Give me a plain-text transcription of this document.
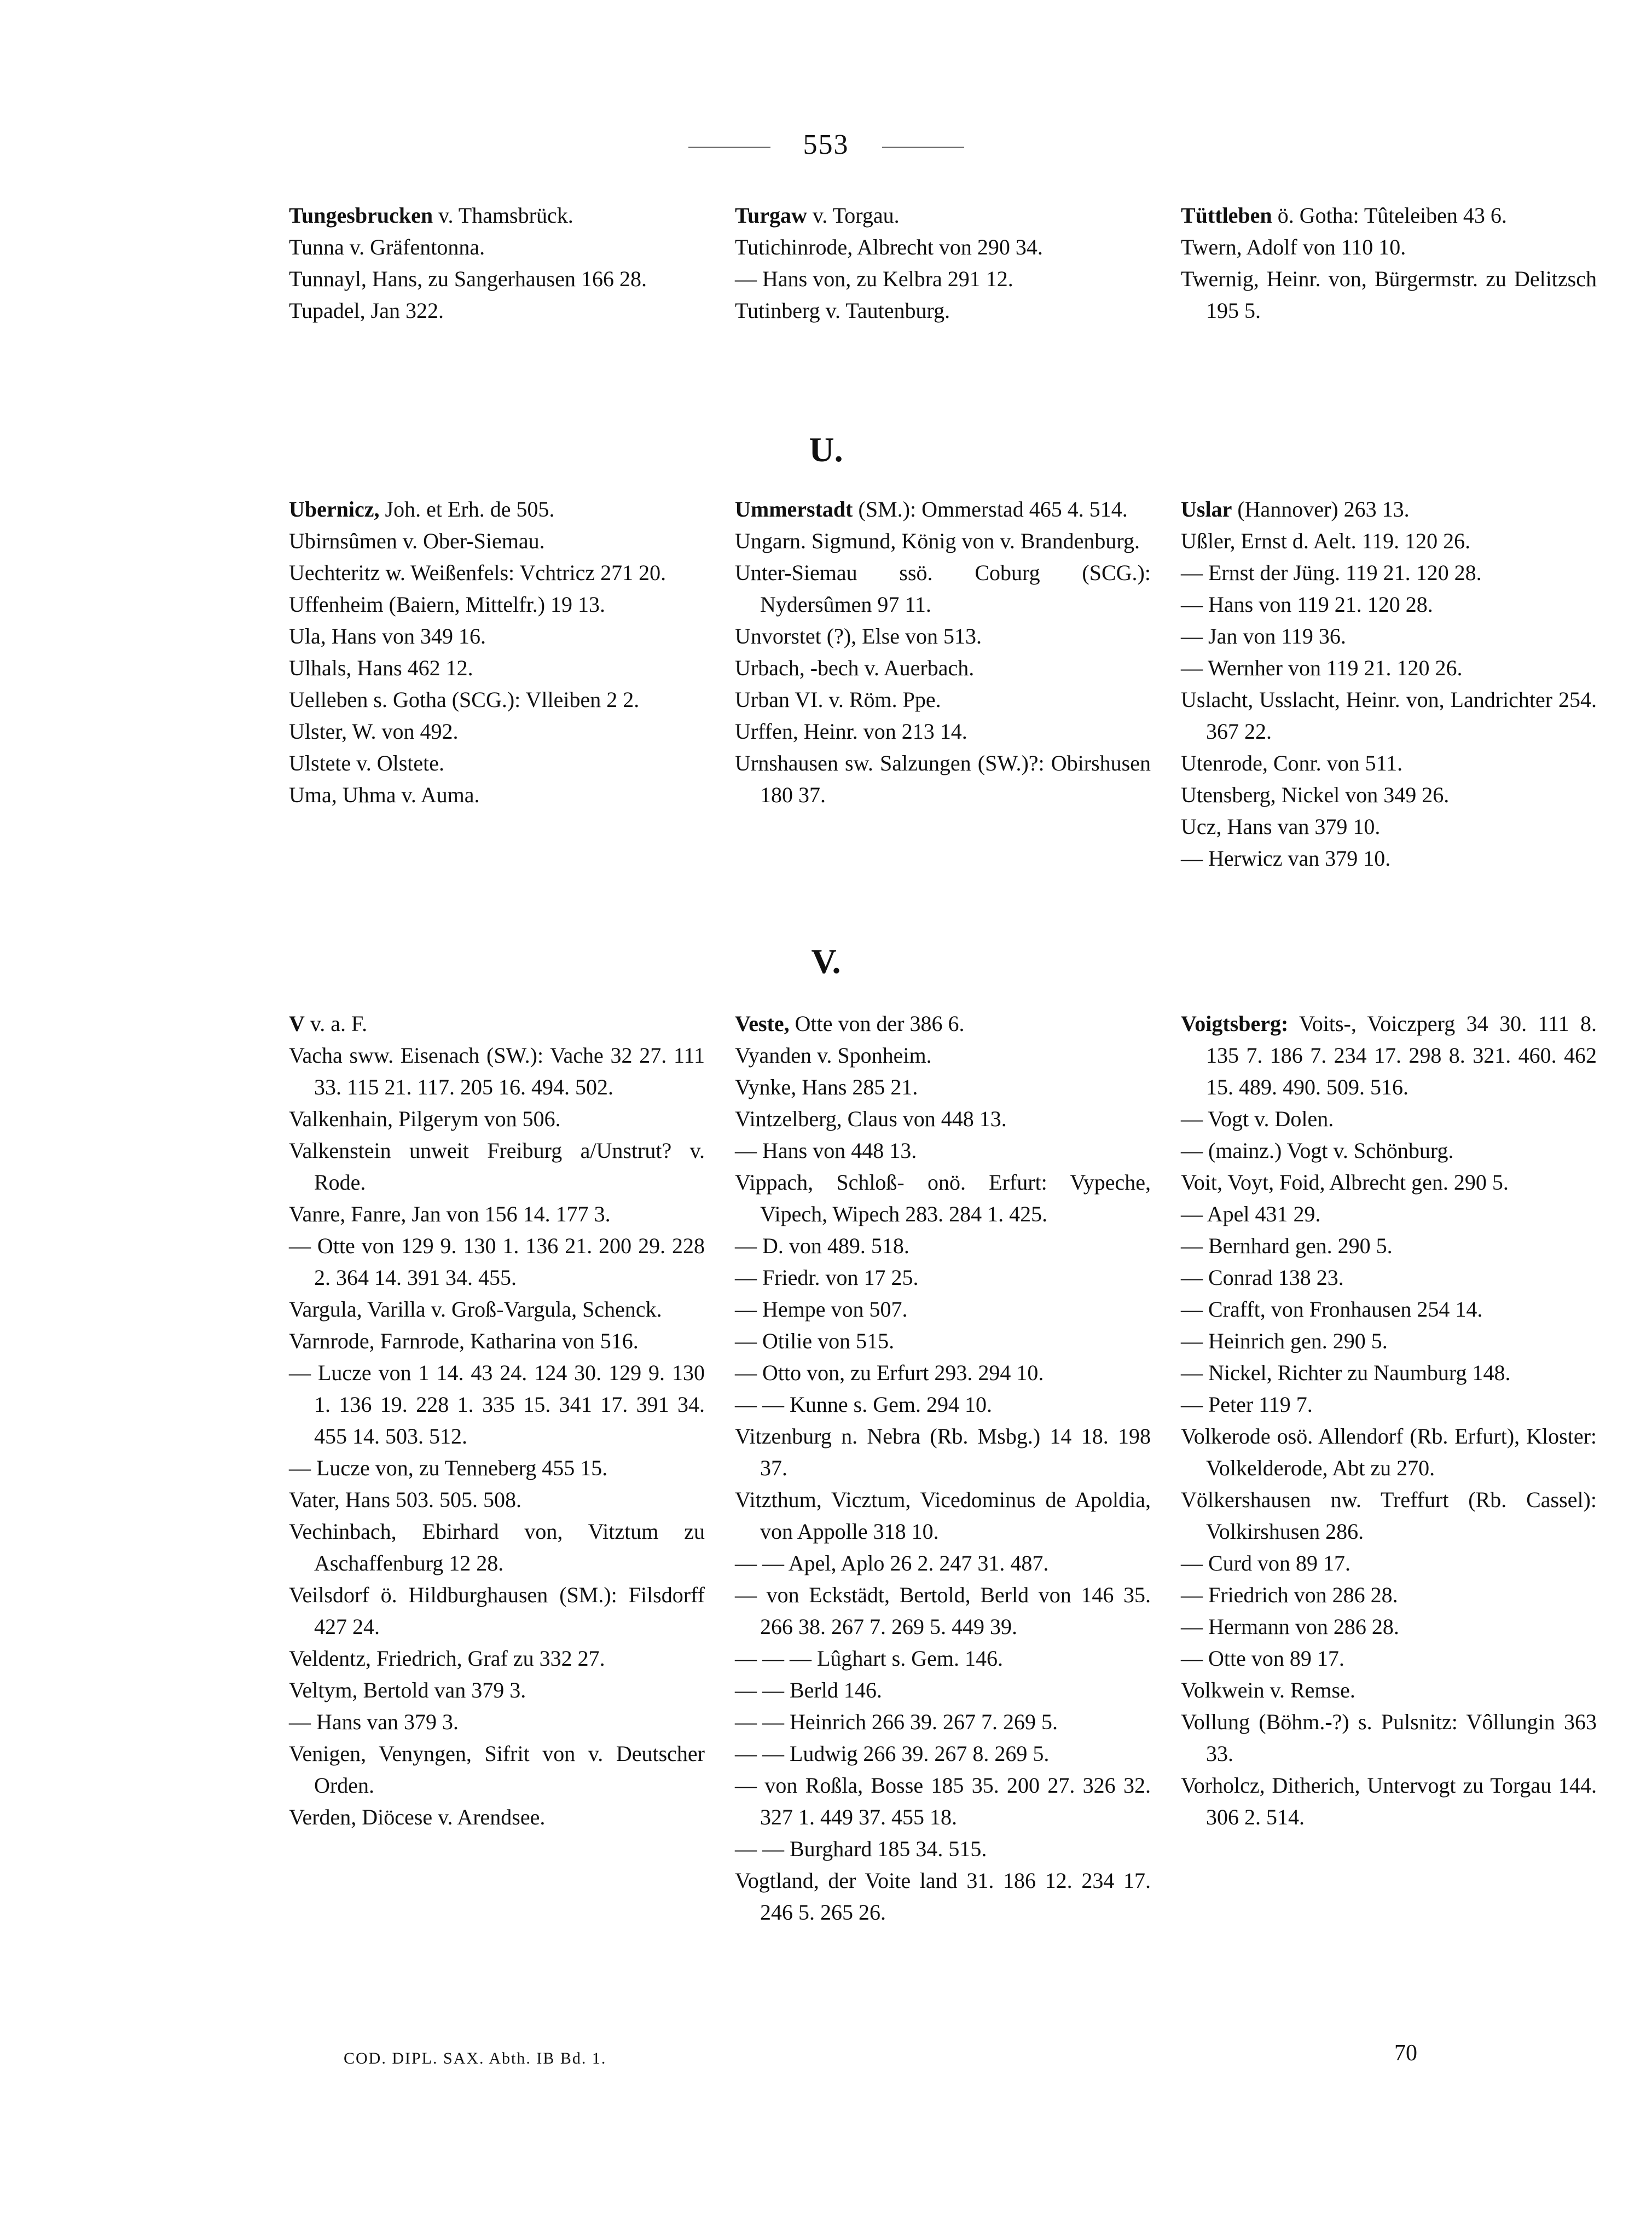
553

Tungesbrucken v. Thamsbrück.

Tunna v. Gräfentonna.

Tunnayl, Hans, zu Sangerhausen 166 28.

Tupadel, Jan 322.

Turgaw v. Torgau.

Tutichinrode, Albrecht von 290 34.

— Hans von, zu Kelbra 291 12.

Tutinberg v. Tautenburg.

Tüttleben ö. Gotha: Tûteleiben 43 6.

Twern, Adolf von 110 10.

Twernig, Heinr. von, Bürgermstr. zu Delitzsch 195 5.

U.

Ubernicz, Joh. et Erh. de 505.

Ubirnsûmen v. Ober-Siemau.

Uechteritz w. Weißenfels: Vchtricz 271 20.

Uffenheim (Baiern, Mittelfr.) 19 13.

Ula, Hans von 349 16.

Ulhals, Hans 462 12.

Uelleben s. Gotha (SCG.): Vlleiben 2 2.

Ulster, W. von 492.

Ulstete v. Olstete.

Uma, Uhma v. Auma.

Ummerstadt (SM.): Ommerstad 465 4. 514.

Ungarn. Sigmund, König von v. Brandenburg.

Unter-Siemau ssö. Coburg (SCG.): Nydersûmen 97 11.

Unvorstet (?), Else von 513.

Urbach, -bech v. Auerbach.

Urban VI. v. Röm. Ppe.

Urffen, Heinr. von 213 14.

Urnshausen sw. Salzungen (SW.)?: Obirshusen 180 37.

Uslar (Hannover) 263 13.

Ußler, Ernst d. Aelt. 119. 120 26.

— Ernst der Jüng. 119 21. 120 28.

— Hans von 119 21. 120 28.

— Jan von 119 36.

— Wernher von 119 21. 120 26.

Uslacht, Usslacht, Heinr. von, Landrichter 254. 367 22.

Utenrode, Conr. von 511.

Utensberg, Nickel von 349 26.

Ucz, Hans van 379 10.

— Herwicz van 379 10.

V.

V v. a. F.

Vacha sww. Eisenach (SW.): Vache 32 27. 111 33. 115 21. 117. 205 16. 494. 502.

Valkenhain, Pilgerym von 506.

Valkenstein unweit Freiburg a/Unstrut? v. Rode.

Vanre, Fanre, Jan von 156 14. 177 3.

— Otte von 129 9. 130 1. 136 21. 200 29. 228 2. 364 14. 391 34. 455.

Vargula, Varilla v. Groß-Vargula, Schenck.

Varnrode, Farnrode, Katharina von 516.

— Lucze von 1 14. 43 24. 124 30. 129 9. 130 1. 136 19. 228 1. 335 15. 341 17. 391 34. 455 14. 503. 512.

— Lucze von, zu Tenneberg 455 15.

Vater, Hans 503. 505. 508.

Vechinbach, Ebirhard von, Vitztum zu Aschaffenburg 12 28.

Veilsdorf ö. Hildburghausen (SM.): Filsdorff 427 24.

Veldentz, Friedrich, Graf zu 332 27.

Veltym, Bertold van 379 3.

— Hans van 379 3.

Venigen, Venyngen, Sifrit von v. Deutscher Orden.

Verden, Diöcese v. Arendsee.

Veste, Otte von der 386 6.

Vyanden v. Sponheim.

Vynke, Hans 285 21.

Vintzelberg, Claus von 448 13.

— Hans von 448 13.

Vippach, Schloß- onö. Erfurt: Vypeche, Vipech, Wipech 283. 284 1. 425.

— D. von 489. 518.

— Friedr. von 17 25.

— Hempe von 507.

— Otilie von 515.

— Otto von, zu Erfurt 293. 294 10.

— — Kunne s. Gem. 294 10.

Vitzenburg n. Nebra (Rb. Msbg.) 14 18. 198 37.

Vitzthum, Vicztum, Vicedominus de Apoldia, von Appolle 318 10.

— — Apel, Aplo 26 2. 247 31. 487.

— von Eckstädt, Bertold, Berld von 146 35. 266 38. 267 7. 269 5. 449 39.

— — — Lûghart s. Gem. 146.

— — Berld 146.

— — Heinrich 266 39. 267 7. 269 5.

— — Ludwig 266 39. 267 8. 269 5.

— von Roßla, Bosse 185 35. 200 27. 326 32. 327 1. 449 37. 455 18.

— — Burghard 185 34. 515.

Vogtland, der Voite land 31. 186 12. 234 17. 246 5. 265 26.

Voigtsberg: Voits-, Voiczperg 34 30. 111 8. 135 7. 186 7. 234 17. 298 8. 321. 460. 462 15. 489. 490. 509. 516.

— Vogt v. Dolen.

— (mainz.) Vogt v. Schönburg.

Voit, Voyt, Foid, Albrecht gen. 290 5.

— Apel 431 29.

— Bernhard gen. 290 5.

— Conrad 138 23.

— Crafft, von Fronhausen 254 14.

— Heinrich gen. 290 5.

— Nickel, Richter zu Naumburg 148.

— Peter 119 7.

Volkerode osö. Allendorf (Rb. Erfurt), Kloster: Volkelderode, Abt zu 270.

Völkershausen nw. Treffurt (Rb. Cassel): Volkirshusen 286.

— Curd von 89 17.

— Friedrich von 286 28.

— Hermann von 286 28.

— Otte von 89 17.

Volkwein v. Remse.

Vollung (Böhm.-?) s. Pulsnitz: Vôllungin 363 33.

Vorholcz, Ditherich, Untervogt zu Torgau 144. 306 2. 514.

COD. DIPL. SAX. Abth. IB Bd. 1.	70
